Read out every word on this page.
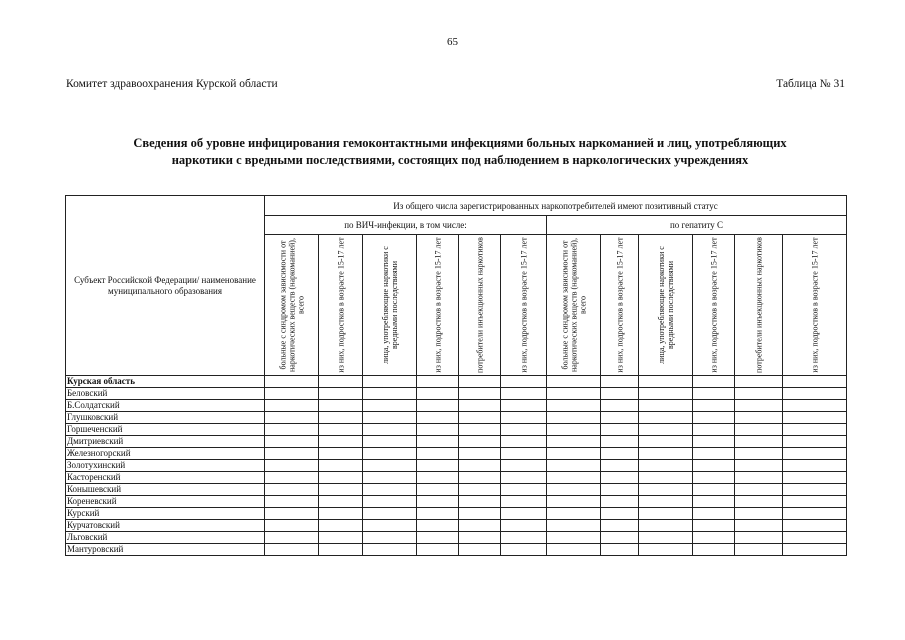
65
Комитет здравоохранения Курской области	Таблица № 31
Сведения об уровне инфицирования гемоконтактными инфекциями больных наркоманией и лиц, употребляющих
наркотики с вредными последствиями, состоящих под наблюдением в наркологических учреждениях
Субъект Российской Федерации/ наименование муниципального образования	Из общего числа зарегистрированных наркопотребителей имеют позитивный статус											
	по ВИЧ-инфекции, в том числе:						по гепатиту С					

	больные с синдромом зависимости от наркотических веществ (наркоманией), всего	из них, подростков в возрасте 15-17 лет	лица, употребляющие наркотики с вредными последствиями	из них, подростков в возрасте 15-17 лет	потребители инъекционных наркотиков	из них, подростков в возрасте 15-17 лет	больные с синдромом зависимости от наркотических веществ (наркоманией), всего	из них, подростков в возрасте 15-17 лет	лица, употребляющие наркотики с вредными последствиями	из них, подростков в возрасте 15-17 лет	потребители инъекционных наркотиков	из них, подростков в возрасте 15-17 лет

Курская область												
Беловский												
Б.Солдатский												
Глушковский												
Горшеченский												
Дмитриевский												
Железногорский												
Золотухинский												
Касторенский												
Конышевский												
Кореневский												
Курский												
Курчатовский												
Льговский												
Мантуровский												
